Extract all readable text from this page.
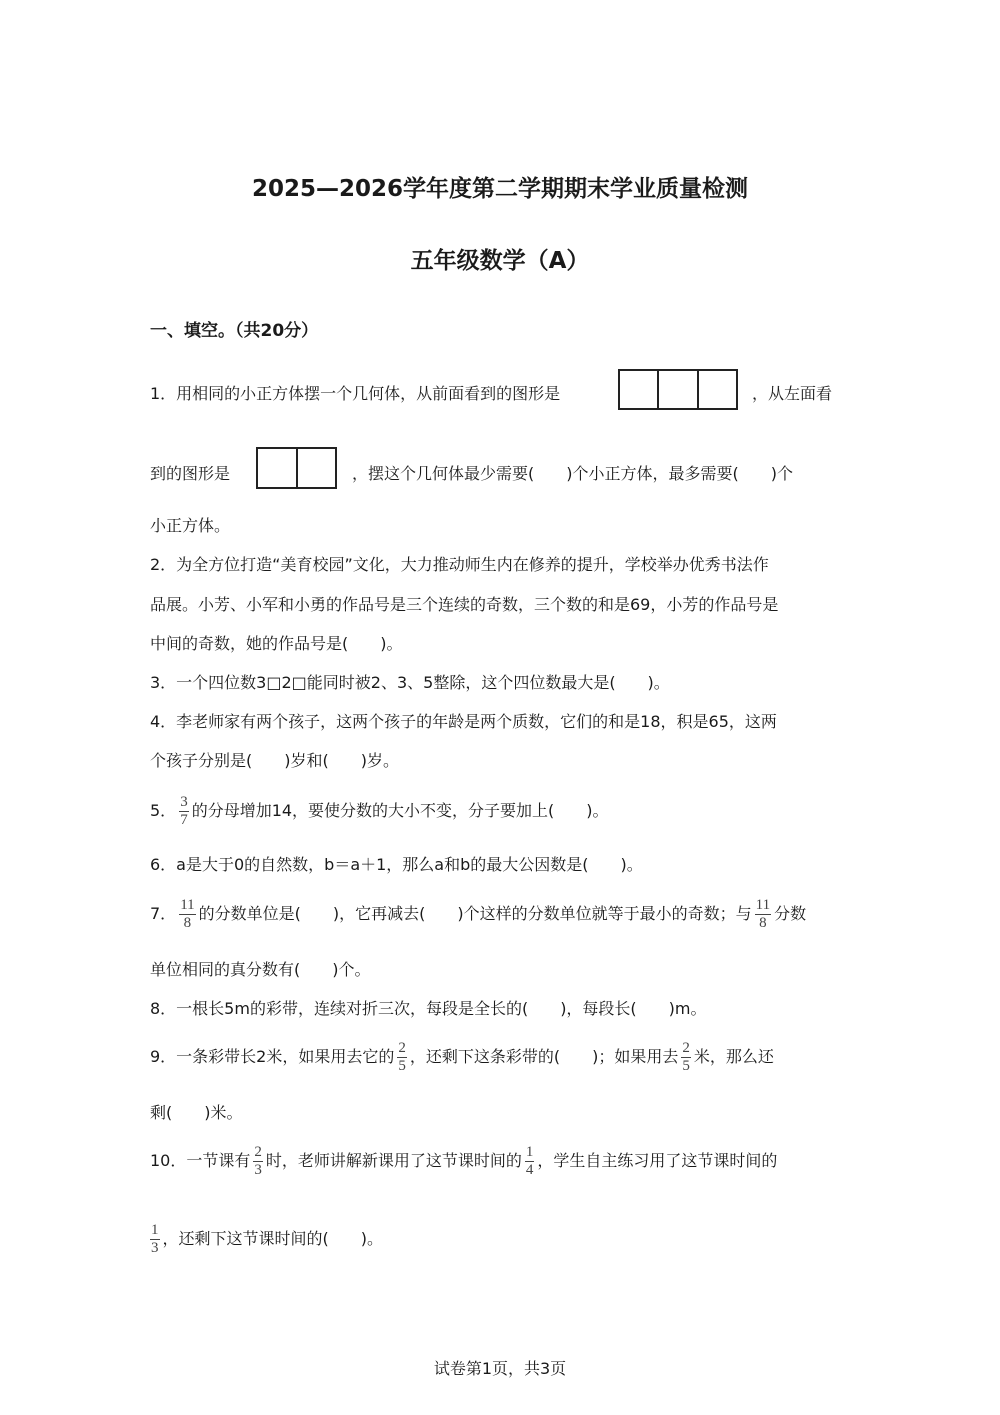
2025—2026学年度第二学期期末学业质量检测
五年级数学（A）
一、填空。（共20分）
1．用相同的小正方体摆一个几何体，从前面看到的图形是	，从左面看
到的图形是	，摆这个几何体最少需要(　　)个小正方体，最多需要(　　)个
小正方体。
2．为全方位打造“美育校园”文化，大力推动师生内在修养的提升，学校举办优秀书法作
品展。小芳、小军和小勇的作品号是三个连续的奇数，三个数的和是69，小芳的作品号是
中间的奇数，她的作品号是(　　)。
3．一个四位数3□2□能同时被2、3、5整除，这个四位数最大是(　　)。
4．李老师家有两个孩子，这两个孩子的年龄是两个质数，它们的和是18，积是65，这两
个孩子分别是(　　)岁和(　　)岁。
5． $\frac{3}{7}$ 的分母增加14，要使分数的大小不变，分子要加上(　　)。
6．a是大于0的自然数，b＝a＋1，那么a和b的最大公因数是(　　)。
7． $\frac{11}{8}$ 的分数单位是(　　)，它再减去(　　)个这样的分数单位就等于最小的奇数；与 $\frac{11}{8}$ 分数
单位相同的真分数有(　　)个。
8．一根长5m的彩带，连续对折三次，每段是全长的(　　)，每段长(　　)m。
9．一条彩带长2米，如果用去它的 $\frac{2}{5}$ ，还剩下这条彩带的(　　)；如果用去 $\frac{2}{5}$ 米，那么还
剩(　　)米。
10．一节课有 $\frac{2}{3}$ 时，老师讲解新课用了这节课时间的 $\frac{1}{4}$ ，学生自主练习用了这节课时间的
$\frac{1}{3}$ ，还剩下这节课时间的(　　)。
试卷第1页，共3页
